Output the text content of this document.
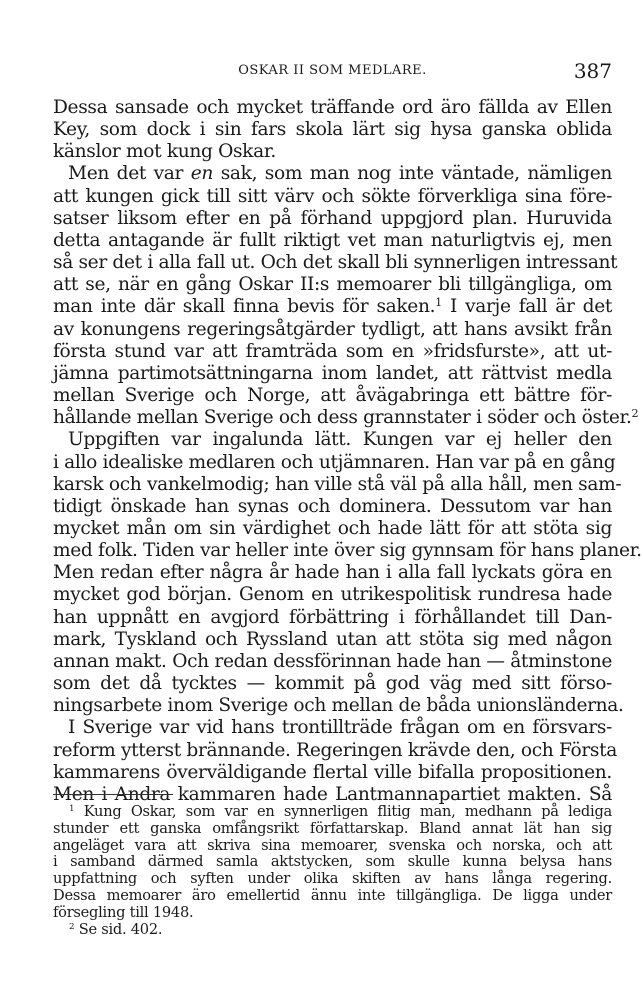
OSKAR II SOM MEDLARE.	387
Dessa sansade och mycket träffande ord äro fällda av Ellen
Key, som dock i sin fars skola lärt sig hysa ganska oblida
känslor mot kung Oskar.
Men det var en sak, som man nog inte väntade, nämligen
att kungen gick till sitt värv och sökte förverkliga sina före-
satser liksom efter en på förhand uppgjord plan. Huruvida
detta antagande är fullt riktigt vet man naturligtvis ej, men
så ser det i alla fall ut. Och det skall bli synnerligen intressant
att se, när en gång Oskar II:s memoarer bli tillgängliga, om
man inte där skall finna bevis för saken.$^1$ I varje fall är det
av konungens regeringsåtgärder tydligt, att hans avsikt från
första stund var att framträda som en »fridsfurste», att ut-
jämna partimotsättningarna inom landet, att rättvist medla
mellan Sverige och Norge, att åvägabringa ett bättre för-
hållande mellan Sverige och dess grannstater i söder och öster.$^2$
Uppgiften var ingalunda lätt. Kungen var ej heller den
i allo idealiske medlaren och utjämnaren. Han var på en gång
karsk och vankelmodig; han ville stå väl på alla håll, men sam-
tidigt önskade han synas och dominera. Dessutom var han
mycket mån om sin värdighet och hade lätt för att stöta sig
med folk. Tiden var heller inte över sig gynnsam för hans planer.
Men redan efter några år hade han i alla fall lyckats göra en
mycket god början. Genom en utrikespolitisk rundresa hade
han uppnått en avgjord förbättring i förhållandet till Dan-
mark, Tyskland och Ryssland utan att stöta sig med någon
annan makt. Och redan dessförinnan hade han — åtminstone
som det då tycktes — kommit på god väg med sitt förso-
ningsarbete inom Sverige och mellan de båda unionsländerna.
I Sverige var vid hans trontillträde frågan om en försvars-
reform ytterst brännande. Regeringen krävde den, och Första
kammarens överväldigande flertal ville bifalla propositionen.
Men i Andra kammaren hade Lantmannapartiet makten. Så
$^1$ Kung Oskar, som var en synnerligen flitig man, medhann på lediga
stunder ett ganska omfångsrikt författarskap. Bland annat lät han sig
angeläget vara att skriva sina memoarer, svenska och norska, och att
i samband därmed samla aktstycken, som skulle kunna belysa hans
uppfattning och syften under olika skiften av hans långa regering.
Dessa memoarer äro emellertid ännu inte tillgängliga. De ligga under
försegling till 1948.
$^2$ Se sid. 402.
